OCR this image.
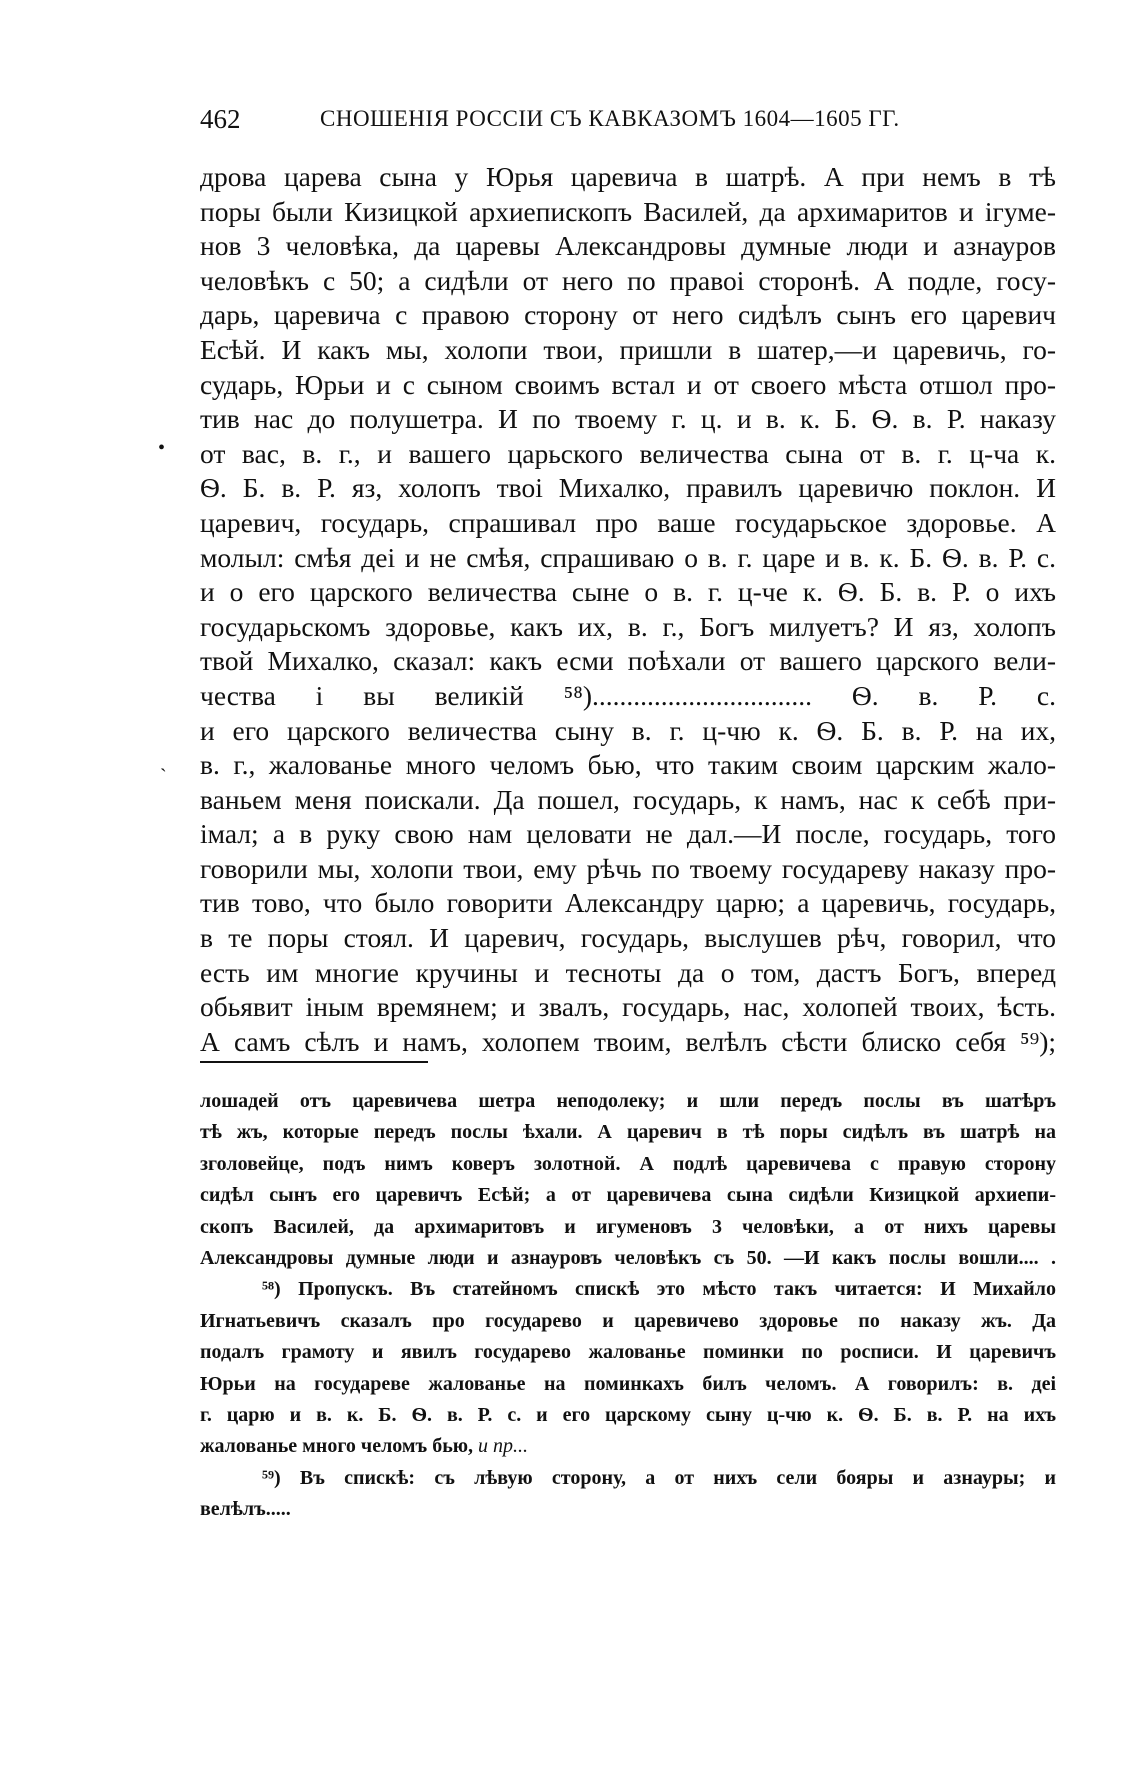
462	СНОШЕНІЯ РОССІИ СЪ КАВКАЗОМЪ 1604—1605 ГГ.
•
ˏ
дрова царева сына у Юрья царевича в шатрѣ. А при немъ в тѣ
поры были Кизицкой архиепископъ Василей, да архимаритов и ігуме-
нов 3 человѣка, да царевы Александровы думные люди и азнауров
человѣкъ с 50; а сидѣли от него по правоі сторонѣ. А подле, госу-
дарь, царевича с правою сторону от него сидѣлъ сынъ его царевич
Есѣй. И какъ мы, холопи твои, пришли в шатер,—и царевичь, го-
сударь, Юрьи и с сыном своимъ встал и от своего мѣста отшол про-
тив нас до полушетра. И по твоему г. ц. и в. к. Б. Ѳ. в. Р. наказу
от вас, в. г., и вашего царьского величества сына от в. г. ц-ча к.
Ѳ. Б. в. Р. яз, холопъ твоі Михалко, правилъ царевичю поклон. И
царевич, государь, спрашивал про ваше государьское здоровье. А
молыл: смѣя деі и не смѣя, спрашиваю о в. г. царе и в. к. Б. Ѳ. в. Р. с.
и о его царского величества сыне о в. г. ц-че к. Ѳ. Б. в. Р. о ихъ
государьскомъ здоровье, какъ их, в. г., Богъ милуетъ? И яз, холопъ
твой Михалко, сказал: какъ есми поѣхали от вашего царского вели-
чества і вы великій ⁵⁸)................................ Ѳ. в. Р. с.
и его царского величества сыну в. г. ц-чю к. Ѳ. Б. в. Р. на их,
в. г., жалованье много челомъ бью, что таким своим царским жало-
ваньем меня поискали. Да пошел, государь, к намъ, нас к себѣ при-
імал; а в руку свою нам целовати не дал.—И после, государь, того
говорили мы, холопи твои, ему рѣчь по твоему государеву наказу про-
тив тово, что было говорити Александру царю; а царевичь, государь,
в те поры стоял. И царевич, государь, выслушев рѣч, говорил, что
есть им многие кручины и тесноты да о том, дастъ Богъ, вперед
обьявит іным времянем; и звалъ, государь, нас, холопей твоих, ѣсть.
А самъ сѣлъ и намъ, холопем твоим, велѣлъ сѣсти блиско себя ⁵⁹);
лошадей отъ царевичева шетра неподолеку; и шли передъ послы въ шатѣръ
тѣ жъ, которые передъ послы ѣхали. А царевич в тѣ поры сидѣлъ въ шатрѣ на
зголовейце, подъ нимъ коверъ золотной. А подлѣ царевичева с правую сторону
сидѣл сынъ его царевичъ Есѣй; а от царевичева сына сидѣли Кизицкой архиепи-
скопъ Василей, да архимаритовъ и игуменовъ 3 человѣки, а от нихъ царевы
Александровы думные люди и азнауровъ человѣкъ съ 50. —И какъ послы вошли.... .
⁵⁸) Пропускъ. Въ статейномъ спискѣ это мѣсто такъ читается: И Михайло
Игнатьевичъ сказалъ про государево и царевичево здоровье по наказу жъ. Да
подалъ грамоту и явилъ государево жалованье поминки по росписи. И царевичъ
Юрьи на государеве жалованье на поминкахъ билъ челомъ. А говорилъ: в. деі
г. царю и в. к. Б. Ѳ. в. Р. с. и его царскому сыну ц-чю к. Ѳ. Б. в. Р. на ихъ
жалованье много челомъ бью, и пр...
⁵⁹) Въ спискѣ: съ лѣвую сторону, а от нихъ сели бояры и азнауры; и
велѣлъ.....
